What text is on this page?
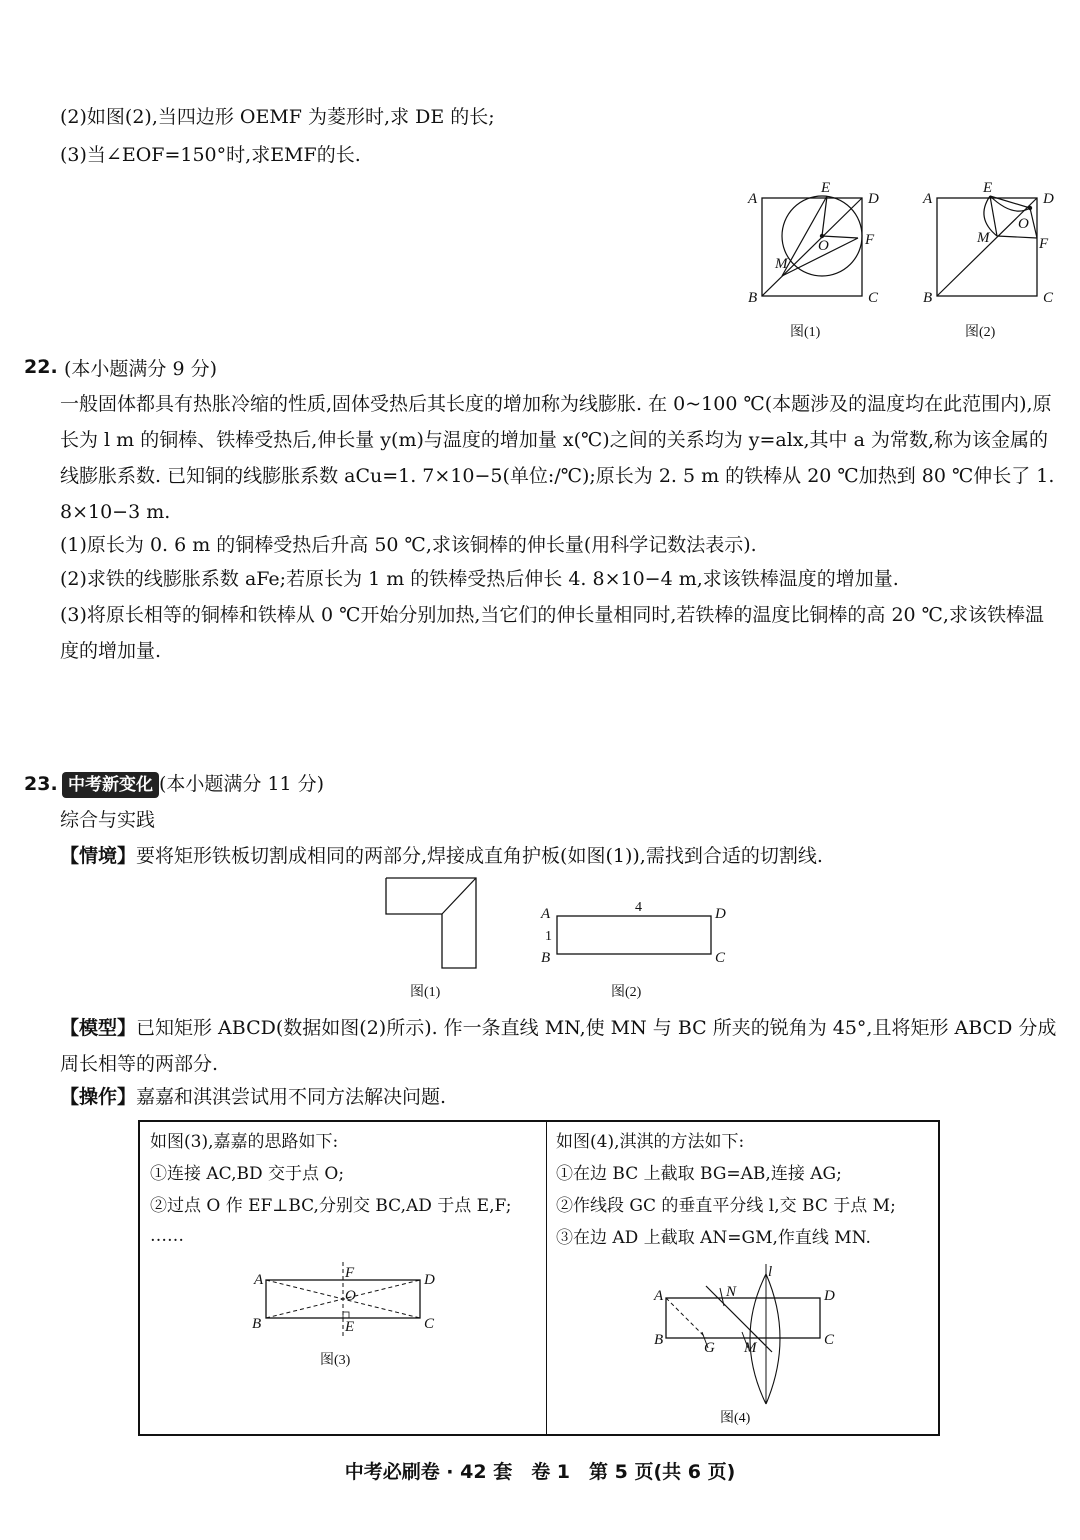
(2)如图(2),当四边形 OEMF 为菱形时,求 DE 的长;
(3)当∠EOF=150°时,求EMF的长.
A
B	C
D
E
F
M
O
图(1)
A
B	C
D
E
F
M
O
图(2)
22. (本小题满分 9 分)
一般固体都具有热胀冷缩的性质,固体受热后其长度的增加称为线膨胀. 在 0~100 ℃(本题涉及的温度均在此范围内),原长为 l m 的铜棒、铁棒受热后,伸长量 y(m)与温度的增加量 x(℃)之间的关系均为 y=alx,其中 a 为常数,称为该金属的线膨胀系数. 已知铜的线膨胀系数 aCu=1. 7×10−5(单位:/℃);原长为 2. 5 m 的铁棒从 20 ℃加热到 80 ℃伸长了 1. 8×10−3 m.
(1)原长为 0. 6 m 的铜棒受热后升高 50 ℃,求该铜棒的伸长量(用科学记数法表示).
(2)求铁的线膨胀系数 aFe;若原长为 1 m 的铁棒受热后伸长 4. 8×10−4 m,求该铁棒温度的增加量.
(3)将原长相等的铜棒和铁棒从 0 ℃开始分别加热,当它们的伸长量相同时,若铁棒的温度比铜棒的高 20 ℃,求该铁棒温度的增加量.
23. 中考新变化 (本小题满分 11 分)
综合与实践
【情境】要将矩形铁板切割成相同的两部分,焊接成直角护板(如图(1)),需找到合适的切割线.
图(1)
A
B	C
D
4
1
图(2)
【模型】已知矩形 ABCD(数据如图(2)所示). 作一条直线 MN,使 MN 与 BC 所夹的锐角为 45°,且将矩形 ABCD 分成周长相等的两部分.
【操作】嘉嘉和淇淇尝试用不同方法解决问题.
如图(3),嘉嘉的思路如下:
①连接 AC,BD 交于点 O;
②过点 O 作 EF⊥BC,分别交 BC,AD 于点 E,F;
……
A
B	C
D
E
F
O
图(3)
如图(4),淇淇的方法如下:
①在边 BC 上截取 BG=AB,连接 AG;
②作线段 GC 的垂直平分线 l,交 BC 于点 M;
③在边 AD 上截取 AN=GM,作直线 MN.
A
B	C
D
G M
N
l
图(4)
中考必刷卷 · 42 套　卷 1　第 5 页(共 6 页)
